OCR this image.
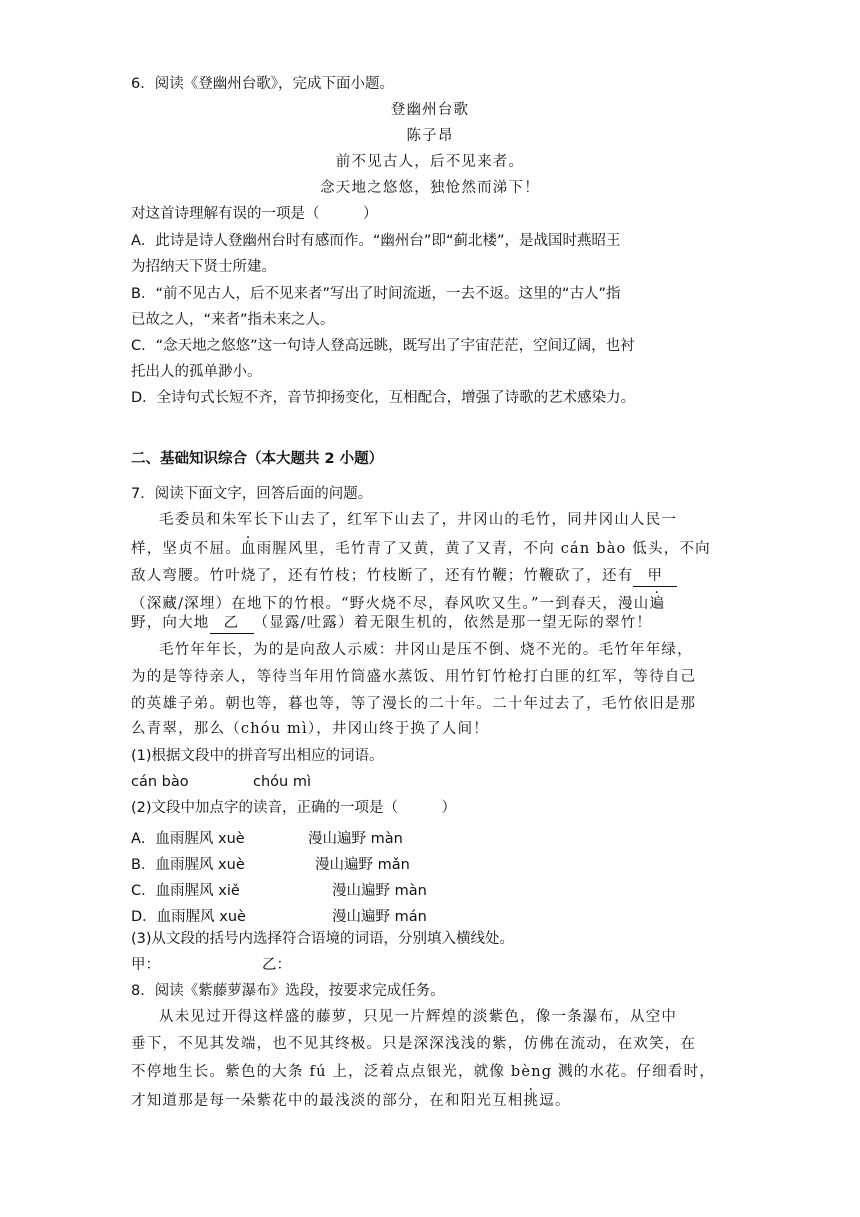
6．阅读《登幽州台歌》，完成下面小题。
登幽州台歌
陈子昂
前不见古人，后不见来者。
念天地之悠悠，独怆然而涕下！
对这首诗理解有误的一项是（　　　）
A．此诗是诗人登幽州台时有感而作。“幽州台”即“蓟北楼”，是战国时燕昭王
为招纳天下贤士所建。
B．“前不见古人，后不见来者”写出了时间流逝，一去不返。这里的“古人”指
已故之人，“来者”指未来之人。
C．“念天地之悠悠”这一句诗人登高远眺，既写出了宇宙茫茫，空间辽阔，也衬
托出人的孤单渺小。
D．全诗句式长短不齐，音节抑扬变化，互相配合，增强了诗歌的艺术感染力。
二、基础知识综合（本大题共 2 小题）
7．阅读下面文字，回答后面的问题。
毛委员和朱军长下山去了，红军下山去了，井冈山的毛竹，同井冈山人民一
样，坚贞不屈。血雨腥风里，毛竹青了又黄，黄了又青，不向 cán bào 低头，不向
敌人弯腰。竹叶烧了，还有竹枝；竹枝断了，还有竹鞭；竹鞭砍了，还有 甲
（深藏/深埋）在地下的竹根。“野火烧不尽，春风吹又生。”一到春天，漫山遍
野，向大地 乙 （显露/吐露）着无限生机的，依然是那一望无际的翠竹！
毛竹年年长，为的是向敌人示威：井冈山是压不倒、烧不光的。毛竹年年绿，
为的是等待亲人，等待当年用竹筒盛水蒸饭、用竹钉竹枪打白匪的红军，等待自己
的英雄子弟。朝也等，暮也等，等了漫长的二十年。二十年过去了，毛竹依旧是那
么青翠，那么（chóu mì），井冈山终于换了人间！
(1)根据文段中的拼音写出相应的词语。
cán bào	chóu mì
(2)文段中加点字的读音，正确的一项是（　　　）
A．血雨腥风 xuè	漫山遍野 màn
B．血雨腥风 xuè	漫山遍野 mǎn
C．血雨腥风 xiě	漫山遍野 màn
D．血雨腥风 xuè	漫山遍野 mán
(3)从文段的括号内选择符合语境的词语，分别填入横线处。
甲：	乙：
8．阅读《紫藤萝瀑布》选段，按要求完成任务。
从未见过开得这样盛的藤萝，只见一片辉煌的淡紫色，像一条瀑布，从空中
垂下，不见其发端，也不见其终极。只是深深浅浅的紫，仿佛在流动，在欢笑，在
不停地生长。紫色的大条 fú 上，泛着点点银光，就像 bèng 溅的水花。仔细看时，
才知道那是每一朵紫花中的最浅淡的部分，在和阳光互相挑逗。
